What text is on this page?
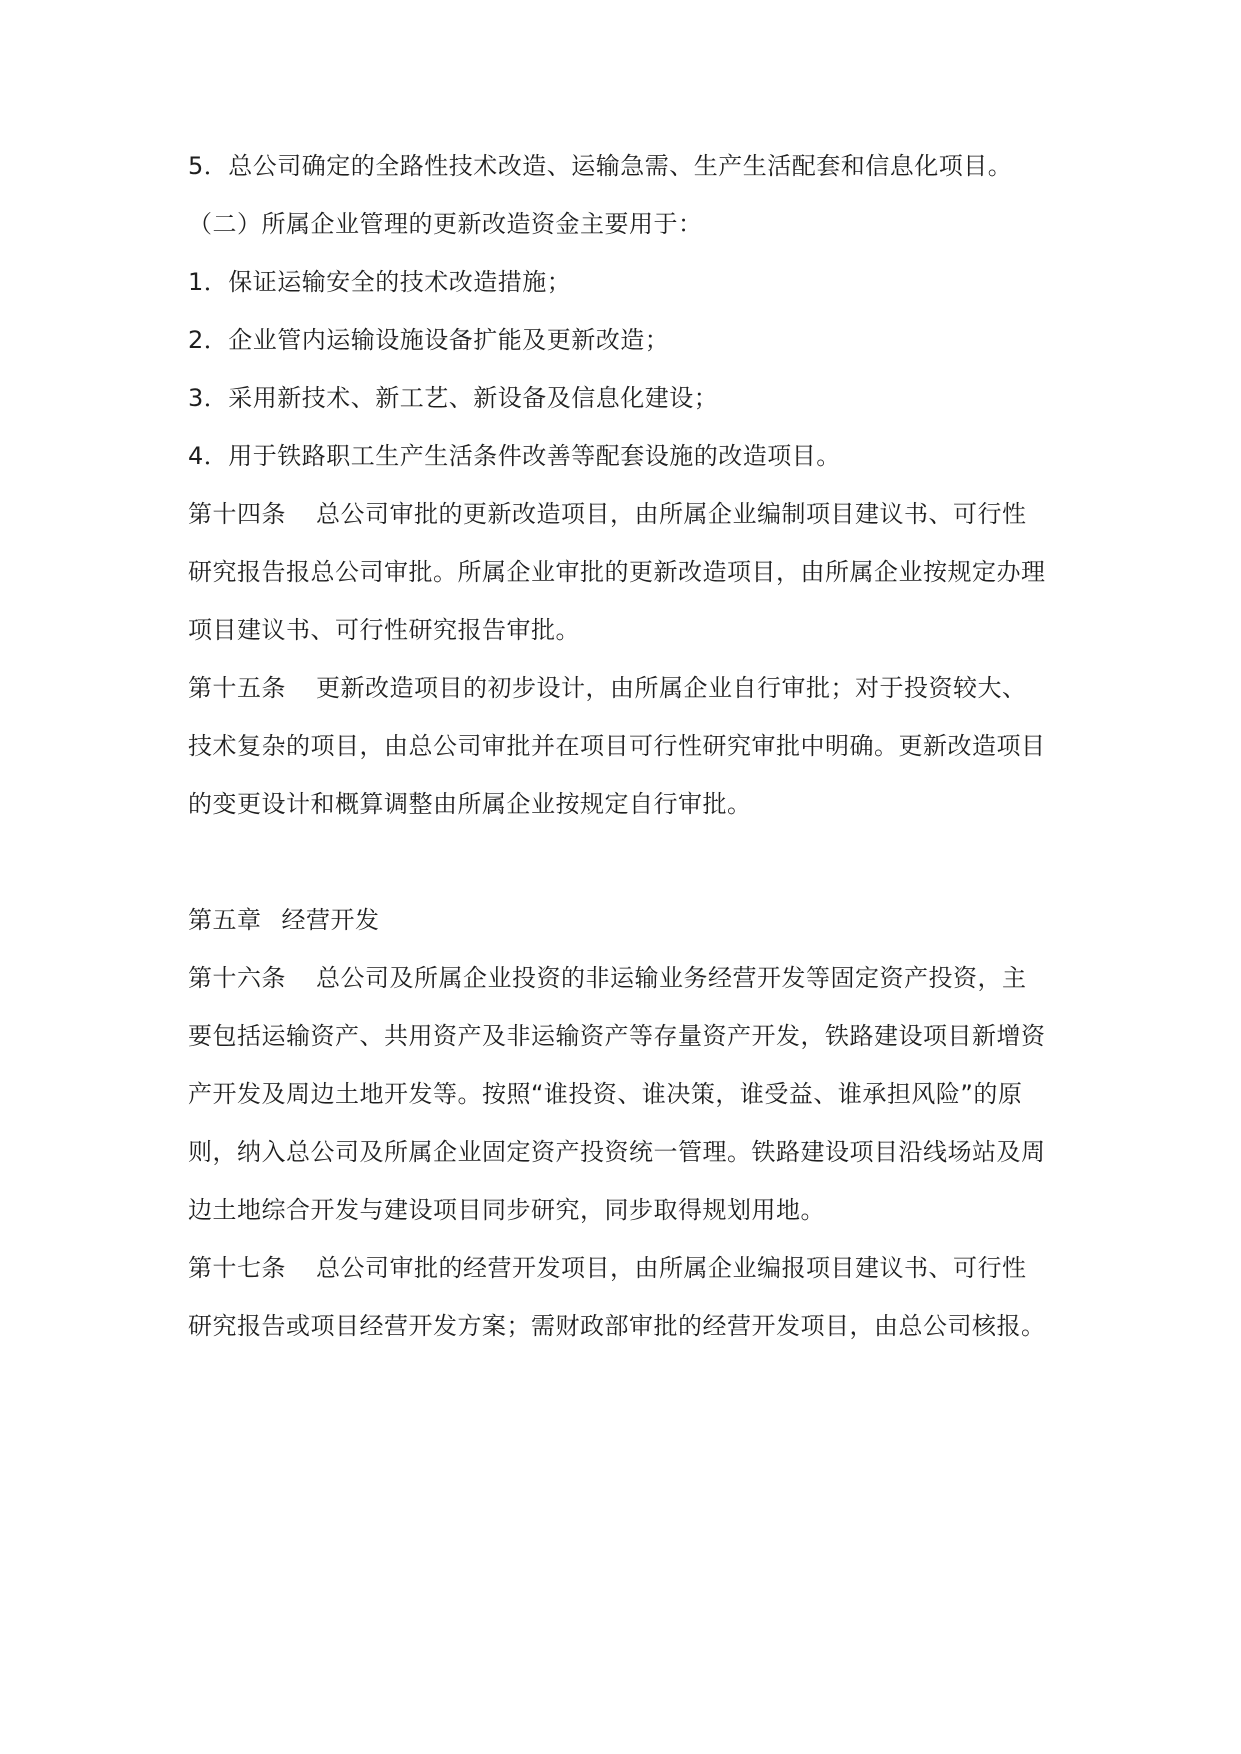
5．总公司确定的全路性技术改造、运输急需、生产生活配套和信息化项目。
（二）所属企业管理的更新改造资金主要用于：
1．保证运输安全的技术改造措施；
2．企业管内运输设施设备扩能及更新改造；
3．采用新技术、新工艺、新设备及信息化建设；
4．用于铁路职工生产生活条件改善等配套设施的改造项目。
第十四条 总公司审批的更新改造项目，由所属企业编制项目建议书、可行性
研究报告报总公司审批。所属企业审批的更新改造项目，由所属企业按规定办理
项目建议书、可行性研究报告审批。
第十五条 更新改造项目的初步设计，由所属企业自行审批；对于投资较大、
技术复杂的项目，由总公司审批并在项目可行性研究审批中明确。更新改造项目
的变更设计和概算调整由所属企业按规定自行审批。
第五章 经营开发
第十六条 总公司及所属企业投资的非运输业务经营开发等固定资产投资，主
要包括运输资产、共用资产及非运输资产等存量资产开发，铁路建设项目新增资
产开发及周边土地开发等。按照“谁投资、谁决策，谁受益、谁承担风险”的原
则，纳入总公司及所属企业固定资产投资统一管理。铁路建设项目沿线场站及周
边土地综合开发与建设项目同步研究，同步取得规划用地。
第十七条 总公司审批的经营开发项目，由所属企业编报项目建议书、可行性
研究报告或项目经营开发方案；需财政部审批的经营开发项目，由总公司核报。
